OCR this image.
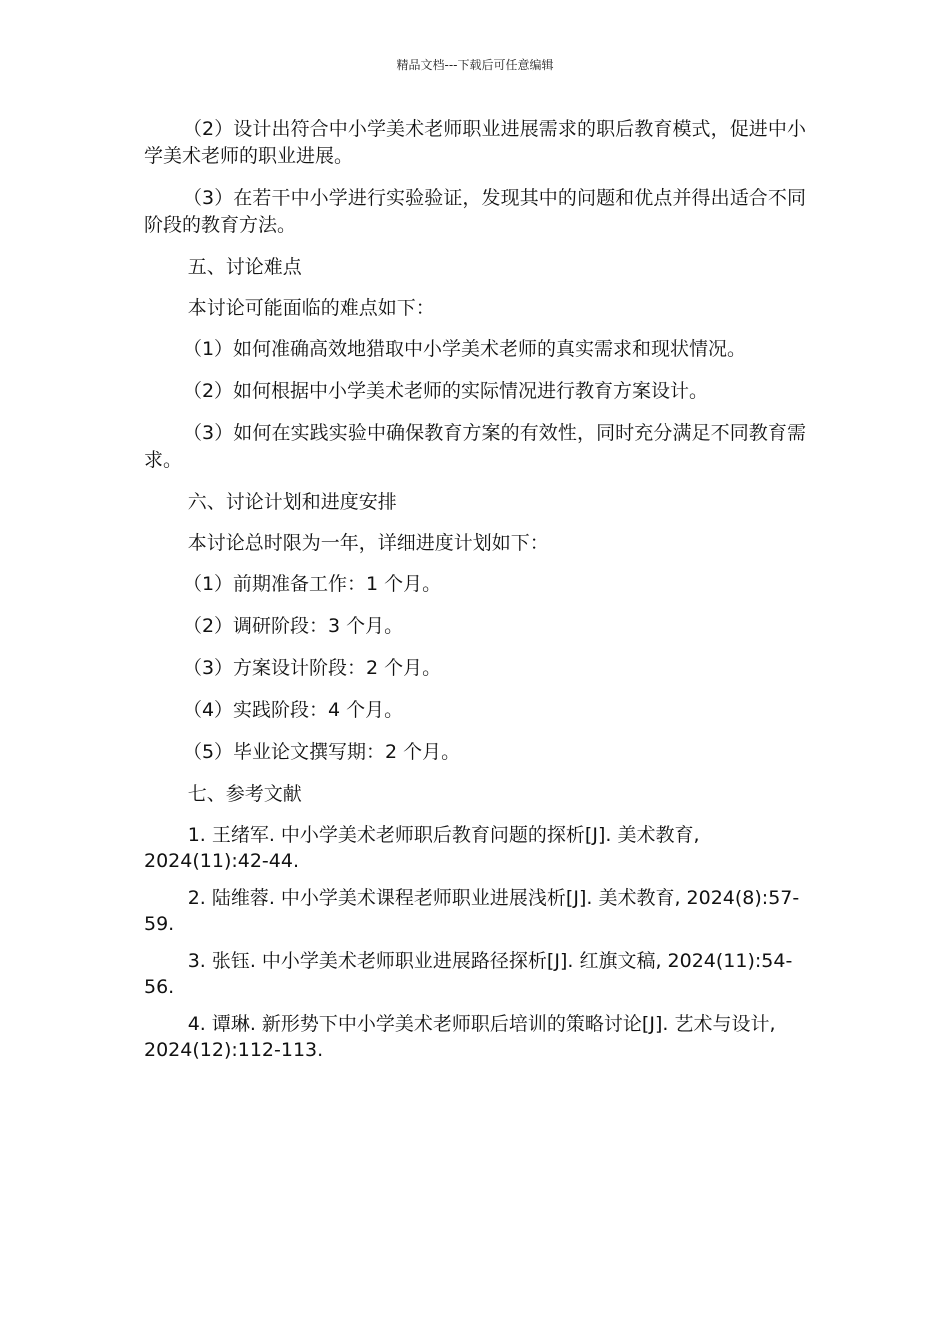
精品文档---下载后可任意编辑

（2）设计出符合中小学美术老师职业进展需求的职后教育模式，促进中小学美术老师的职业进展。

（3）在若干中小学进行实验验证，发现其中的问题和优点并得出适合不同阶段的教育方法。

五、讨论难点

本讨论可能面临的难点如下：

（1）如何准确高效地猎取中小学美术老师的真实需求和现状情况。

（2）如何根据中小学美术老师的实际情况进行教育方案设计。

（3）如何在实践实验中确保教育方案的有效性，同时充分满足不同教育需求。

六、讨论计划和进度安排

本讨论总时限为一年，详细进度计划如下：

（1）前期准备工作：1 个月。

（2）调研阶段：3 个月。

（3）方案设计阶段：2 个月。

（4）实践阶段：4 个月。

（5）毕业论文撰写期：2 个月。

七、参考文献

1. 王绪军. 中小学美术老师职后教育问题的探析[J]. 美术教育, 2024(11):42-44.

2. 陆维蓉. 中小学美术课程老师职业进展浅析[J]. 美术教育, 2024(8):57-59.

3. 张钰. 中小学美术老师职业进展路径探析[J]. 红旗文稿, 2024(11):54-56.

4. 谭琳. 新形势下中小学美术老师职后培训的策略讨论[J]. 艺术与设计, 2024(12):112-113.
